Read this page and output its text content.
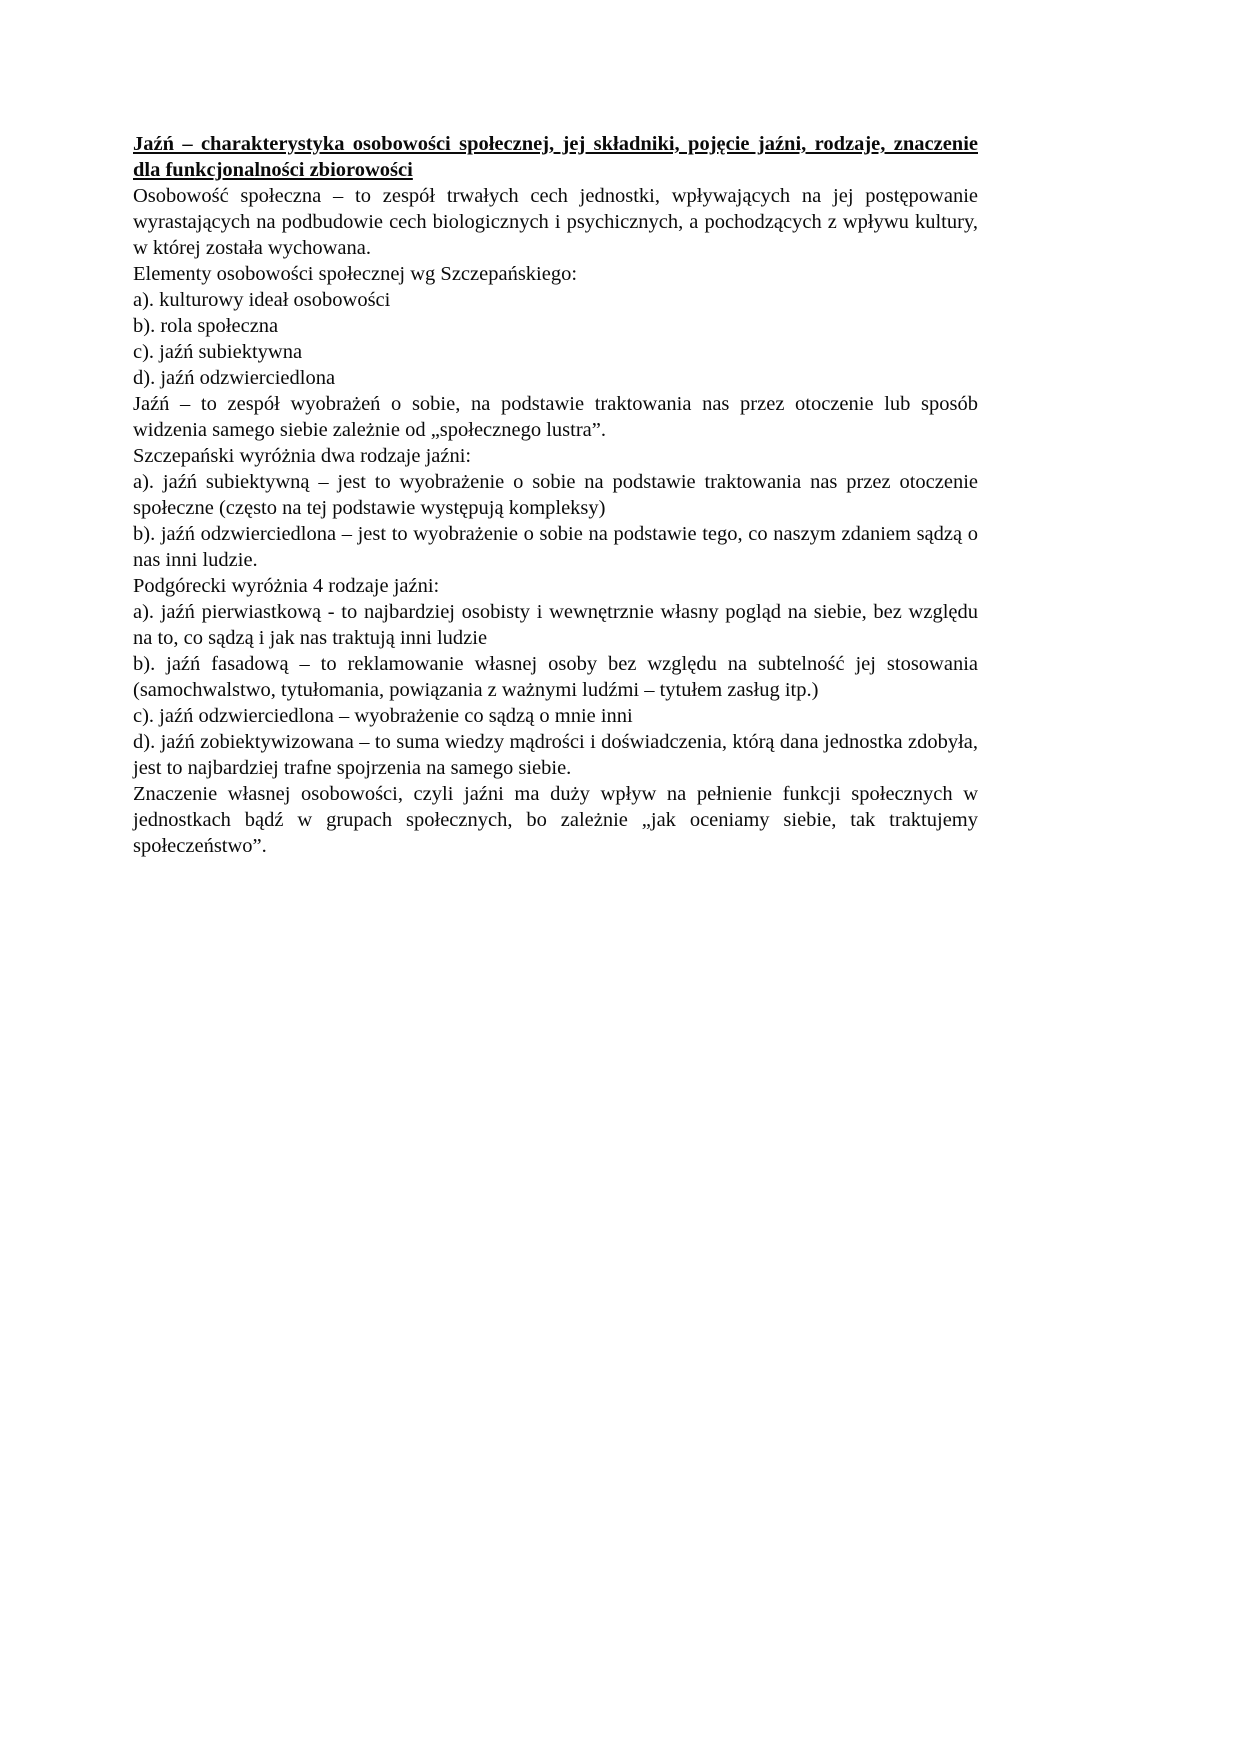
Jaźń – charakterystyka osobowości społecznej, jej składniki, pojęcie jaźni, rodzaje, znaczenie dla funkcjonalności zbiorowości

Osobowość społeczna – to zespół trwałych cech jednostki, wpływających na jej postępowanie wyrastających na podbudowie cech biologicznych i psychicznych, a pochodzących z wpływu kultury, w której została wychowana.

Elementy osobowości społecznej wg Szczepańskiego:

a). kulturowy ideał osobowości

b). rola społeczna

c). jaźń subiektywna

d). jaźń odzwierciedlona

Jaźń – to zespół wyobrażeń o sobie, na podstawie traktowania nas przez otoczenie lub sposób widzenia samego siebie zależnie od „społecznego lustra”.

Szczepański wyróżnia dwa rodzaje jaźni:

a). jaźń subiektywną – jest to wyobrażenie o sobie na podstawie traktowania nas przez otoczenie społeczne (często na tej podstawie występują kompleksy)

b). jaźń odzwierciedlona – jest to wyobrażenie o sobie na podstawie tego, co naszym zdaniem sądzą o nas inni ludzie.

Podgórecki wyróżnia 4 rodzaje jaźni:

a). jaźń pierwiastkową - to najbardziej osobisty i wewnętrznie własny pogląd na siebie, bez względu na to, co sądzą i jak nas traktują inni ludzie

b). jaźń fasadową – to reklamowanie własnej osoby bez względu na subtelność jej stosowania (samochwalstwo, tytułomania, powiązania z ważnymi ludźmi – tytułem zasług itp.)

c). jaźń odzwierciedlona – wyobrażenie co sądzą o mnie inni

d). jaźń zobiektywizowana – to suma wiedzy mądrości i doświadczenia, którą dana jednostka zdobyła, jest to najbardziej trafne spojrzenia na samego siebie.

Znaczenie własnej osobowości, czyli jaźni ma duży wpływ na pełnienie funkcji społecznych w jednostkach bądź w grupach społecznych, bo zależnie „jak oceniamy siebie, tak traktujemy społeczeństwo”.
